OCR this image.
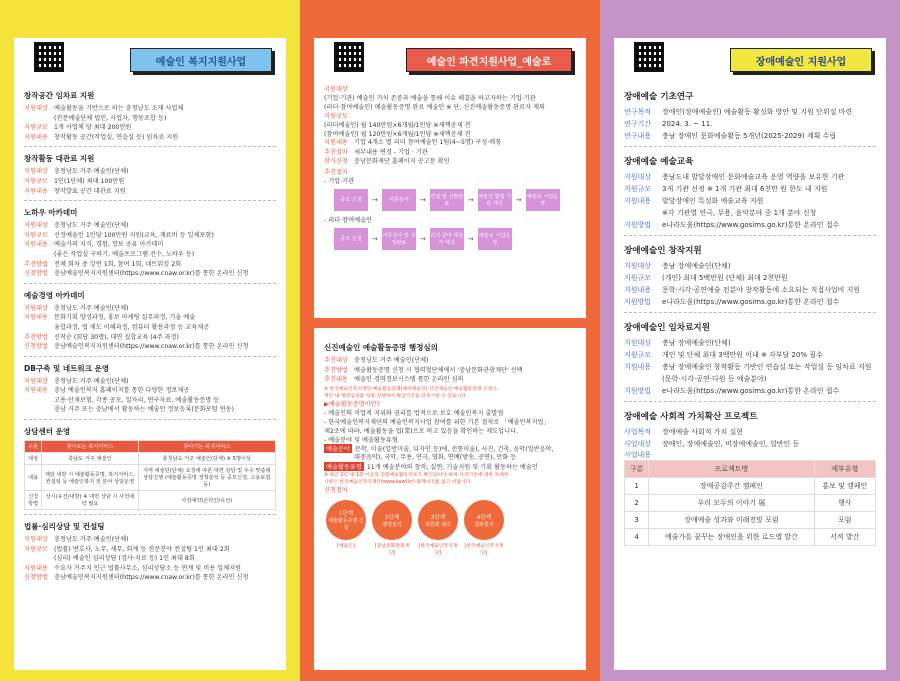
창작공간 임차료 지원
지원대상 예술활동을 기반으로 하는 충청남도 소재 사업체
(전문예술단체 법인, 사업자, 행동조합 등)
지원규모 1개 사업체 당 최대 200만원
지원내용 창작활동 공간(작업실, 연습실 등) 임차료 지원
창작활동 대관료 지원
지원대상 충청남도 거주 예술인(단체)
지원규모 1인(1단체) 최대 100만원
지원내용 창작발표 공간 대관료 지원
노하우 아카데미
지원대상 충청남도 거주 예술인(단체)
지원규모 선정예술인 1인당 100만원 지원(교육, 재료비 등 일체포함)
지원내용 예술가의 지식, 경험, 정보 공유 아카데미
(좋은 작업실 구하기, 예술프로그램 전수, 노하우 등)
추진방법 전체 회차 중 강연 1회, 참여 1회, 네트워킹 2회
신청방법 충남예술인복지지원센터(https://www.cnaw.or.kr)를 통한 온라인 신청
예술경영 아카데미
지원대상 충청남도 거주 예술인(단체)
지원내용 문화기획 양성과정, 홍보 마케팅 실무과정, 기술 예술
융합과정, 법 제도 이해과정, 컴퓨터 활용과정 등 교육제공
추진방법 선착순 (회당 30명), 대면 집합교육 (4주 과정)
신청방법 충남예술인복지지원센터(https://www.cnaw.or.kr)를 통한 온라인 신청
DB구축 및 네트워크 운영
지원대상 충청남도 거주 예술인(단체)
지원내용 충남 예술인복지 홈페이지를 통한 다양한 정보제공
고용·산재보험, 각종 공모, 일자리, 연구자료, 예술활동증명 등
충남 거주 또는 충남에서 활동하는 예술인 정보등록(문화포털 연동)
상담센터 운영
구분	찾아오는 복지서비스	찾아가는 복지서비스
대상	충남도 거주 예술인	충청남도 거주 예술인(단체) ※ 5명이상
내용	재단 내방 시 예술활동증명, 복지서비스, 컨설팅 등 예술인복지 전 분야 상담운영	지역 예술단(단체) 요청에 따른 대면 상담 및 우수 맞춤형 상담진행 (예술활동증명 정책분석 등 공모신청, 고용보험 등)
신청방법	상시(유선/내방) ※ 대면 상담 시 사전예약 필요	사전예약(온라인/유선)
법률·심리상담 및 컨설팅
지원대상 충청남도 거주 예술인(단체)
지원규모 (법률) 변호사, 노무, 세무, 회계 등 전문분야 컨설팅 1인 최대 2회
(심리) 예술인 심리상담 (검사·치료 등) 1인 최대 8회
지원내용 수요자 거주지 인근 법률사무소, 심리상담소 등 연계 및 비용 일체지원
신청방법 충남예술인복지지원센터(https://www.cnaw.or.kr)를 통한 온라인 신청
예술인 복지지원사업
지원대상
(기업·기관) 예술인 가치 존중과 예술을 통해 이슈 해결을 하고자하는 기업·기관
(리더·참여예술인) 예술활동증명 완료 예술인 ※ 단, 신진예술활동증명 완료자 제외
지원규모
(리더예술인) 월 140만원×6개월/1인당 ※세액공제 전
(참여예술인) 월 120만원×6개월/1인당 ※세액공제 전
지원내용 기업 4개소 별 리더 참여예술인 1팀(4~5명) 구성·매칭
추진절차 세부내용 변경 - 기업 · 기관
참가신청 충남문화재단 홈페이지 공고문 확인
추진절차
- 기업·기관
공모 신청	→	서류심사	→ 면접 및 선발완료	→ 예술인 협업 기관 매칭	→ 예술로 사업운영
- 리더·참여예술인
공모 신청	→ 서류심사 및 선정완료	→ 리더·참여 예술가 매칭	→ 예술로 사업운영
예술인 파견지원사업_예술로
신진예술인 예술활동증명 행정심의
추진대상 충청남도 거주 예술인(단체)
추진방법 예술활동증명 신청 시 협력협단체에서 '충남문화관광재단' 선택
추진내용 예술인 경력정보시스템 통한 온라인 심의
※ 한국예술인복지재단 예술활동증명(예비예술인) 신진예술인 예술활동증명 신청시,
재단 내 행정심의를 직접 진행하여 발급기간을 단축시킬 수 있습니다.
▶예술활동증명이란?
- 예술인의 직업적 지위와 권리를 법적으로 보호 예술인복지 출발점
- 한국예술인복지재단의 예술인복지사업 참여를 위한 기본 절차로 「예술인복지법」
제2조에 따라, 예술활동을 업(業)으로 하고 있음을 확인하는 제도입니다.
- 예술분야 및 예술활동유형
예술분야 문학, 미술(일반미술, 디자인 등)에, 전통미술), 사진, 건축, 음악(일반음악,
대중음악), 국악, 무용, 연극, 영화, 연예(방송, 공연), 만화 등
예술활동유형 11개 예술분야의 창작, 실연, 기술지원 및 기획 활동하는 예술인
※ 최근 2년 내 1회 이상의 전문예술활동자료가 확인되어야 하며 자격기준에 대한 자세한
사항은 한국예술인복지재단(www.kawf.kr) 홈페이지를 참고 바랍니다.
신청절차
1단계
예술활동증명 신청
2단계
행정심의
3단계
위원회 심의
4단계
결과통지
[예술인]	[충남문화관광재단]
[한국예술인복지재단]
[한국예술인복지재단]
장애예술 기초연구
연구목적	장애인(장애예술인) 예술활동 활성화 방안 및 지원 단위설 마련
연구기간	2024. 3. ~ 11.
연구내용	충남 장애인 문화예술활동 5개년(2025-2029) 계획 수립
장애예술 예술교육
지원대상	충남도내 발달장애인 문화예술교육 운영 역량을 보유한 기관
지원규모	3개 기관 선정 ※ 1개 기관 최대 6천만 원 한도 내 지원
지원내용	발달장애인 특성화 예술교육 지원
※각 기관별 연극, 무용, 음악분야 중 1개 분야 신청
지원방법	e나라도움(https://www.gosims.go.kr)통한 온라인 접수
장애예술인 창작지원
지원대상	충남 장애예술인(단체)
지원규모	(개인) 최대 5백만원 (단체) 최대 2천만원
지원내용	문학·시각·공연예술 전분야 창작활동에 소요되는 직접사업비 지원
지원방법	e나라도움(https://www.gosims.go.kr)통한 온라인 접수
장애예술인 임차료지원
지원대상	충남 장애예술인(단체)
지원규모	개인 및 단체 최대 3백만원 이내 ※ 자부담 20% 필수
지원내용	충남 장애예술인 창작활동 기반인 연습실 또는 작업실 등 임차료 지원
(문학·시각·공연·다원 등 예술분야)
지원방법	e나라도움(https://www.gosims.go.kr)통한 온라인 접수
장애예술 사회적 가치확산 프로젝트
사업목적	장애예술 사회적 가치 실현
사업대상	장애인, 장애예술인, 비장애예술인, 일반인 등
사업내용
구분	프로젝트명	세부유형
1	장애공감주간 캠페인	홍보 및 캠페인
2	우리 모두의 이야기 展	행사
3	장애예술 성과와 미래전망 포럼	포럼
4	예술가를 꿈꾸는 장애인을 위한 로드맵 발간	서적 발간
장애예술인 지원사업
